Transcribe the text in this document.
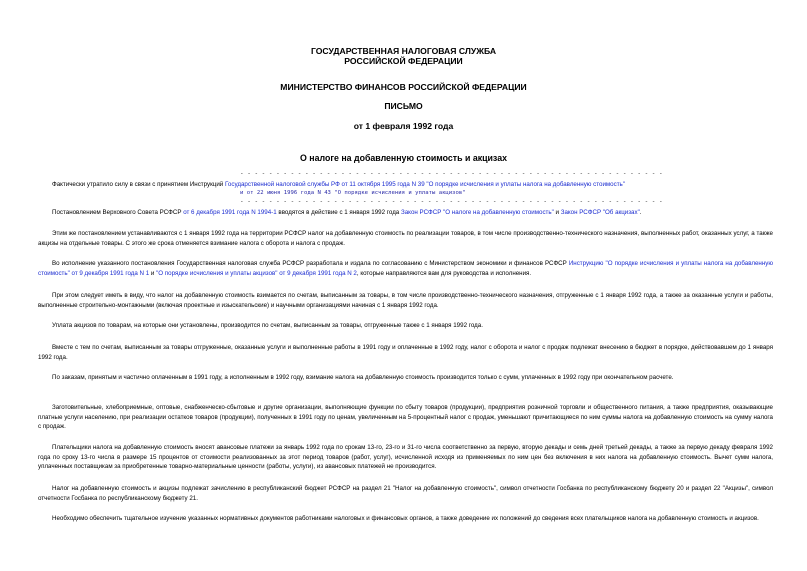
ГОСУДАРСТВЕННАЯ НАЛОГОВАЯ СЛУЖБА
РОССИЙСКОЙ ФЕДЕРАЦИИ
МИНИСТЕРСТВО ФИНАНСОВ РОССИЙСКОЙ ФЕДЕРАЦИИ
ПИСЬМО
от 1 февраля 1992 года
О налоге на добавленную стоимость и акцизах
- - - - - - - - - - - - - - - - - - - - - - - - - - - - - - - - - - - - - - - - - - - - - - - - - - - - - - - - - - -
Фактически утратило силу в связи с принятием Инструкций Государственной налоговой службы РФ от 11 октября 1995 года N 39 "О порядке исчисления и уплаты налога на добавленную стоимость"
и от 22 июня 1996 года N 43 "О порядке исчисления и уплаты акцизов"
- - - - - - - - - - - - - - - - - - - - - - - - - - - - - - - - - - - - - - - - - - - - - - - - - - - - - - - - - - -
Постановлением Верховного Совета РСФСР от 6 декабря 1991 года N 1994-1 вводятся в действие с 1 января 1992 года Закон РСФСР "О налоге на добавленную стоимость" и Закон РСФСР "Об акцизах".
Этим же постановлением устанавливаются с 1 января 1992 года на территории РСФСР налог на добавленную стоимость по реализации товаров, в том числе производственно-технического назначения, выполненных работ, оказанных услуг, а также акцизы на отдельные товары. С этого же срока отменяется взимание налога с оборота и налога с продаж.
Во исполнение указанного постановления Государственная налоговая служба РСФСР разработала и издала по согласованию с Министерством экономики и финансов РСФСР Инструкцию "О порядке исчисления и уплаты налога на добавленную стоимость" от 9 декабря 1991 года N 1 и "О порядке исчисления и уплаты акцизов" от 9 декабря 1991 года N 2, которые направляются вам для руководства и исполнения.
При этом следует иметь в виду, что налог на добавленную стоимость взимается по счетам, выписанным за товары, в том числе производственно-технического назначения, отгруженные с 1 января 1992 года, а также за оказанные услуги и работы, выполненные строительно-монтажными (включая проектные и изыскательские) и научными организациями начиная с 1 января 1992 года.
Уплата акцизов по товарам, на которые они установлены, производится по счетам, выписанным за товары, отгруженные также с 1 января 1992 года.
Вместе с тем по счетам, выписанным за товары отгруженные, оказанные услуги и выполненные работы в 1991 году и оплаченные в 1992 году, налог с оборота и налог с продаж подлежат внесению в бюджет в порядке, действовавшем до 1 января 1992 года.
По заказам, принятым и частично оплаченным в 1991 году, а исполненным в 1992 году, взимание налога на добавленную стоимость производится только с сумм, уплаченных в 1992 году при окончательном расчете.
Заготовительные, хлебоприемные, оптовые, снабженческо-сбытовые и другие организации, выполняющие функции по сбыту товаров (продукции), предприятия розничной торговли и общественного питания, а также предприятия, оказывающие платные услуги населению, при реализации остатков товаров (продукции), полученных в 1991 году по ценам, увеличенным на 5-процентный налог с продаж, уменьшают причитающиеся по ним суммы налога на добавленную стоимость на сумму налога с продаж.
Плательщики налога на добавленную стоимость вносят авансовые платежи за январь 1992 года по срокам 13-го, 23-го и 31-го числа соответственно за первую, вторую декады и семь дней третьей декады, а также за первую декаду февраля 1992 года по сроку 13-го числа в размере 15 процентов от стоимости реализованных за этот период товаров (работ, услуг), исчисленной исходя из применяемых по ним цен без включения в них налога на добавленную стоимость. Вычет сумм налога, уплаченных поставщикам за приобретенные товарно-материальные ценности (работы, услуги), из авансовых платежей не производится.
Налог на добавленную стоимость и акцизы подлежат зачислению в республиканский бюджет РСФСР на раздел 21 "Налог на добавленную стоимость", символ отчетности Госбанка по республиканскому бюджету 20 и раздел 22 "Акцизы", символ отчетности Госбанка по республиканскому бюджету 21.
Необходимо обеспечить тщательное изучение указанных нормативных документов работниками налоговых и финансовых органов, а также доведение их положений до сведения всех плательщиков налога на добавленную стоимость и акцизов.
